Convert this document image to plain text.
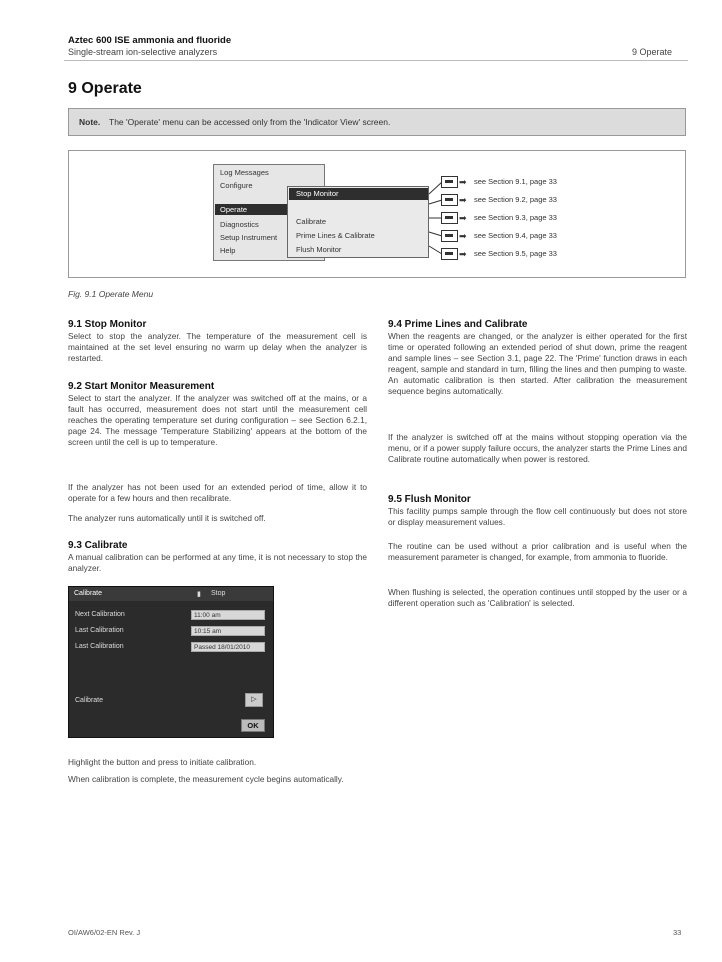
Aztec 600 ISE ammonia and fluoride
Single-stream ion-selective analyzers	9 Operate
9 Operate
Note. The 'Operate' menu can be accessed only from the 'Indicator View' screen.
Log Messages
Configure
Operate
Diagnostics
Setup Instrument
Help
Stop Monitor
Calibrate
Prime Lines & Calibrate
Flush Monitor
➡ see Section 9.1, page 33
➡ see Section 9.2, page 33
➡ see Section 9.3, page 33
➡ see Section 9.4, page 33
➡ see Section 9.5, page 33
Fig. 9.1 Operate Menu
9.1 Stop Monitor
Select to stop the analyzer. The temperature of the measurement cell is maintained at the set level ensuring no warm up delay when the analyzer is restarted.
9.2 Start Monitor Measurement
Select to start the analyzer. If the analyzer was switched off at the mains, or a fault has occurred, measurement does not start until the measurement cell reaches the operating temperature set during configuration – see Section 6.2.1, page 24. The message 'Temperature Stabilizing' appears at the bottom of the screen until the cell is up to temperature.
If the analyzer has not been used for an extended period of time, allow it to operate for a few hours and then recalibrate.
The analyzer runs automatically until it is switched off.
9.3 Calibrate
A manual calibration can be performed at any time, it is not necessary to stop the analyzer.
Calibrate	▮ Stop
Next Calibration	11:00 am
Last Calibration	10:15 am
Last Calibration	Passed 18/01/2010
Calibrate	▷
OK
Highlight the button and press to initiate calibration.
When calibration is complete, the measurement cycle begins automatically.
9.4 Prime Lines and Calibrate
When the reagents are changed, or the analyzer is either operated for the first time or operated following an extended period of shut down, prime the reagent and sample lines – see Section 3.1, page 22. The 'Prime' function draws in each reagent, sample and standard in turn, filling the lines and then pumping to waste. An automatic calibration is then started. After calibration the measurement sequence begins automatically.
If the analyzer is switched off at the mains without stopping operation via the menu, or if a power supply failure occurs, the analyzer starts the Prime Lines and Calibrate routine automatically when power is restored.
9.5 Flush Monitor
This facility pumps sample through the flow cell continuously but does not store or display measurement values.
The routine can be used without a prior calibration and is useful when the measurement parameter is changed, for example, from ammonia to fluoride.
When flushing is selected, the operation continues until stopped by the user or a different operation such as 'Calibration' is selected.
OI/AW6/02-EN Rev. J	33
